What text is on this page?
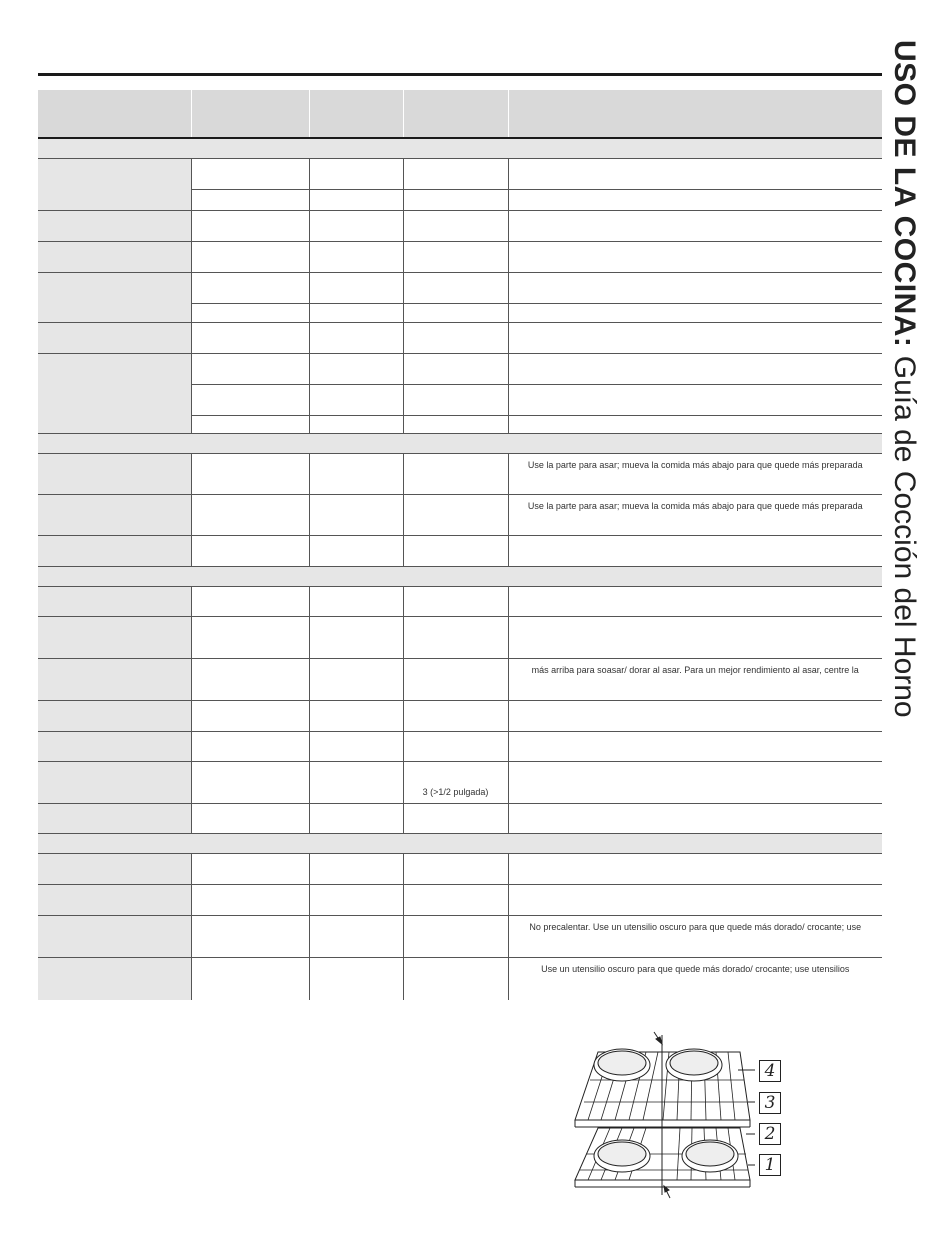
USO DE LA COCINA: Guía de Cocción del Horno

				Use la parte para asar; mueva la comida más abajo para que quede más preparada
				Use la parte para asar; mueva la comida más abajo para que quede más preparada

				más arriba para soasar/ dorar al asar. Para un mejor rendimiento al asar, centre la

			3 (>1/2 pulgada)	

				No precalentar. Use un utensilio oscuro para que quede más dorado/ crocante; use
				Use un utensilio oscuro para que quede más dorado/ crocante; use utensilios
4
3
2
1
